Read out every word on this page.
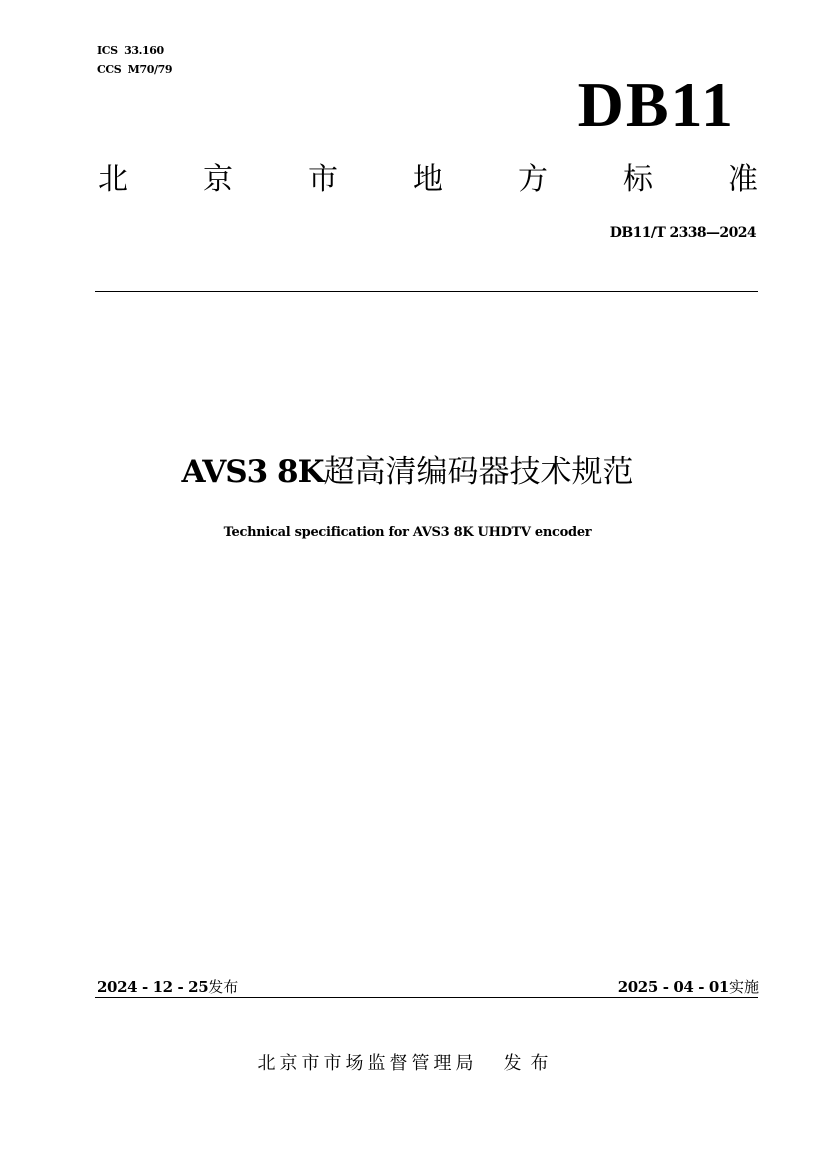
ICS 33.160
CCS M70/79	DB11
北	京	市	地	方	标	准
DB11/T 2338—2024
AVS3 8K超高清编码器技术规范
Technical specification for AVS3 8K UHDTV encoder
2024 - 12 - 25发布	2025 - 04 - 01实施
北京市市场监督管理局 发布
